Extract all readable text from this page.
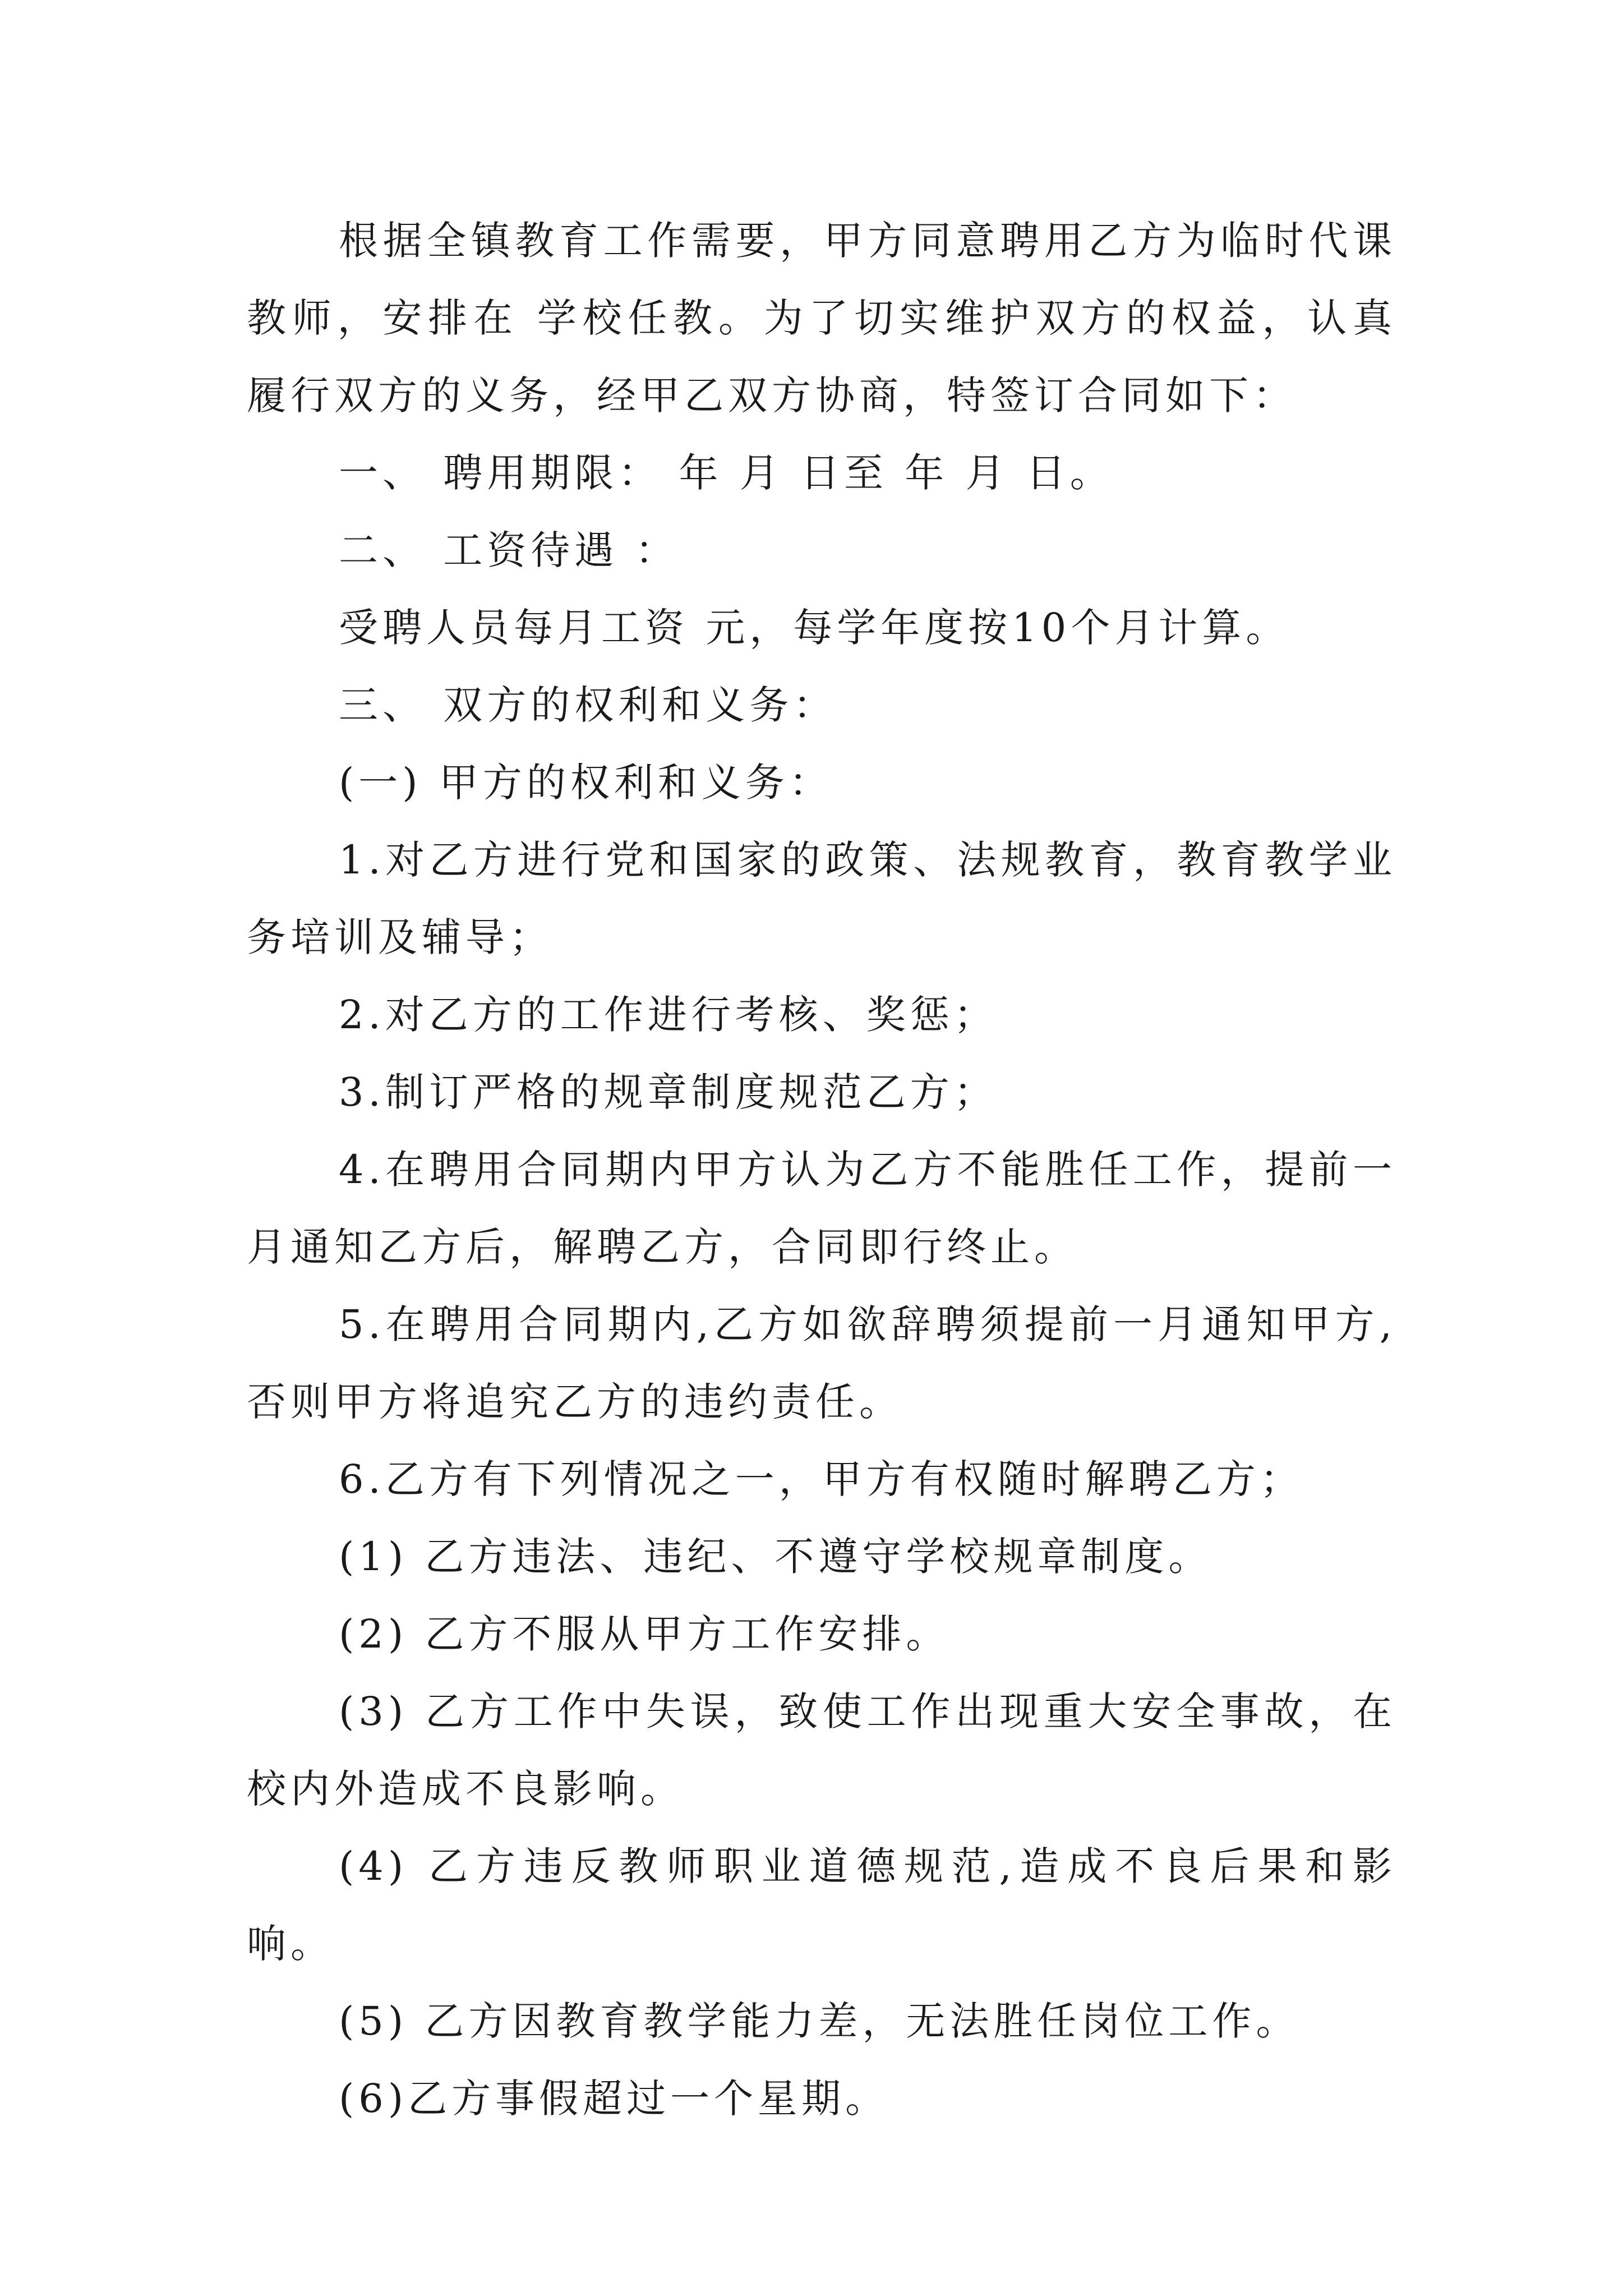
根据全镇教育工作需要，甲方同意聘用乙方为临时代课教师，安排在 学校任教。为了切实维护双方的权益，认真履行双方的义务，经甲乙双方协商，特签订合同如下：

一、 聘用期限： 年 月 日至 年 月 日。

二、 工资待遇 ：

受聘人员每月工资 元，每学年度按10个月计算。

三、 双方的权利和义务：

(一) 甲方的权利和义务：

1.对乙方进行党和国家的政策、法规教育，教育教学业务培训及辅导；

2.对乙方的工作进行考核、奖惩；

3.制订严格的规章制度规范乙方；

4.在聘用合同期内甲方认为乙方不能胜任工作，提前一月通知乙方后，解聘乙方，合同即行终止。

5.在聘用合同期内,乙方如欲辞聘须提前一月通知甲方,否则甲方将追究乙方的违约责任。

6.乙方有下列情况之一，甲方有权随时解聘乙方；

(1) 乙方违法、违纪、不遵守学校规章制度。

(2) 乙方不服从甲方工作安排。

(3) 乙方工作中失误，致使工作出现重大安全事故，在校内外造成不良影响。

(4) 乙方违反教师职业道德规范,造成不良后果和影响。

(5) 乙方因教育教学能力差，无法胜任岗位工作。

(6)乙方事假超过一个星期。
